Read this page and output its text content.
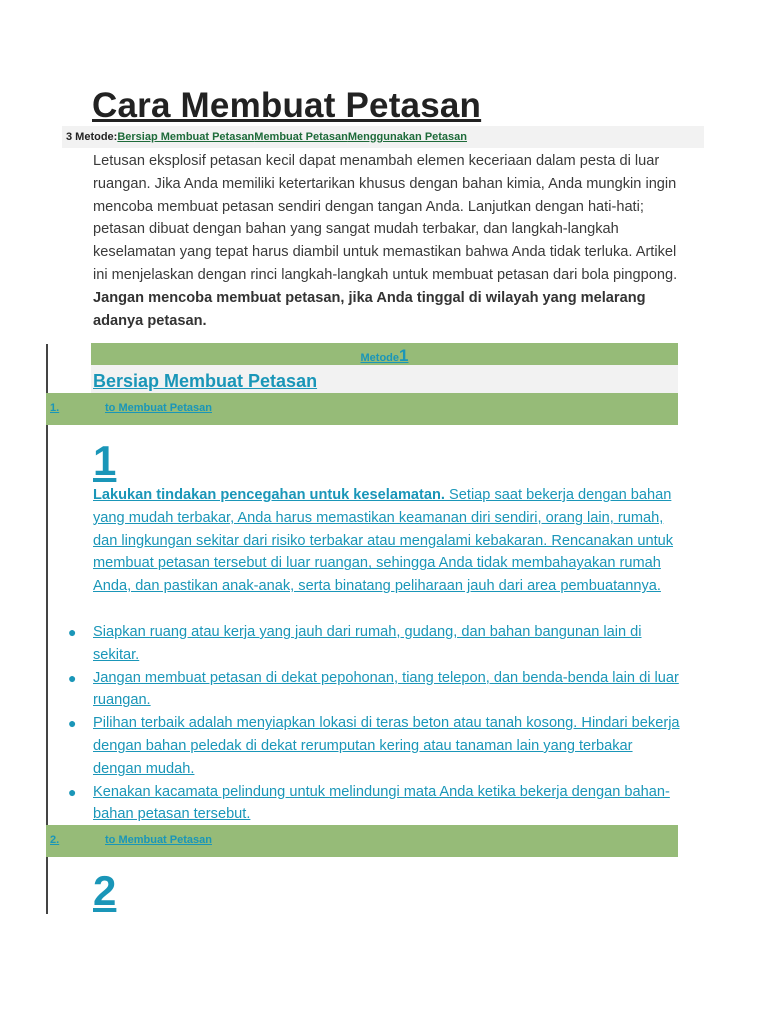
Cara Membuat Petasan
3 Metode:Bersiap Membuat PetasanMembuat PetasanMenggunakan Petasan

Letusan eksplosif petasan kecil dapat menambah elemen keceriaan dalam pesta di luar ruangan. Jika Anda memiliki ketertarikan khusus dengan bahan kimia, Anda mungkin ingin mencoba membuat petasan sendiri dengan tangan Anda. Lanjutkan dengan hati-hati; petasan dibuat dengan bahan yang sangat mudah terbakar, dan langkah-langkah keselamatan yang tepat harus diambil untuk memastikan bahwa Anda tidak terluka. Artikel ini menjelaskan dengan rinci langkah-langkah untuk membuat petasan dari bola pingpong. Jangan mencoba membuat petasan, jika Anda tinggal di wilayah yang melarang adanya petasan.

Metode1
Bersiap Membuat Petasan
1.	to Membuat Petasan
1

Lakukan tindakan pencegahan untuk keselamatan. Setiap saat bekerja dengan bahan yang mudah terbakar, Anda harus memastikan keamanan diri sendiri, orang lain, rumah, dan lingkungan sekitar dari risiko terbakar atau mengalami kebakaran. Rencanakan untuk membuat petasan tersebut di luar ruangan, sehingga Anda tidak membahayakan rumah Anda, dan pastikan anak-anak, serta binatang peliharaan jauh dari area pembuatannya.

● Siapkan ruang atau kerja yang jauh dari rumah, gudang, dan bahan bangunan lain di sekitar.
● Jangan membuat petasan di dekat pepohonan, tiang telepon, dan benda-benda lain di luar ruangan.
● Pilihan terbaik adalah menyiapkan lokasi di teras beton atau tanah kosong. Hindari bekerja dengan bahan peledak di dekat rerumputan kering atau tanaman lain yang terbakar dengan mudah.
● Kenakan kacamata pelindung untuk melindungi mata Anda ketika bekerja dengan bahan-bahan petasan tersebut.
2.	to Membuat Petasan
2
